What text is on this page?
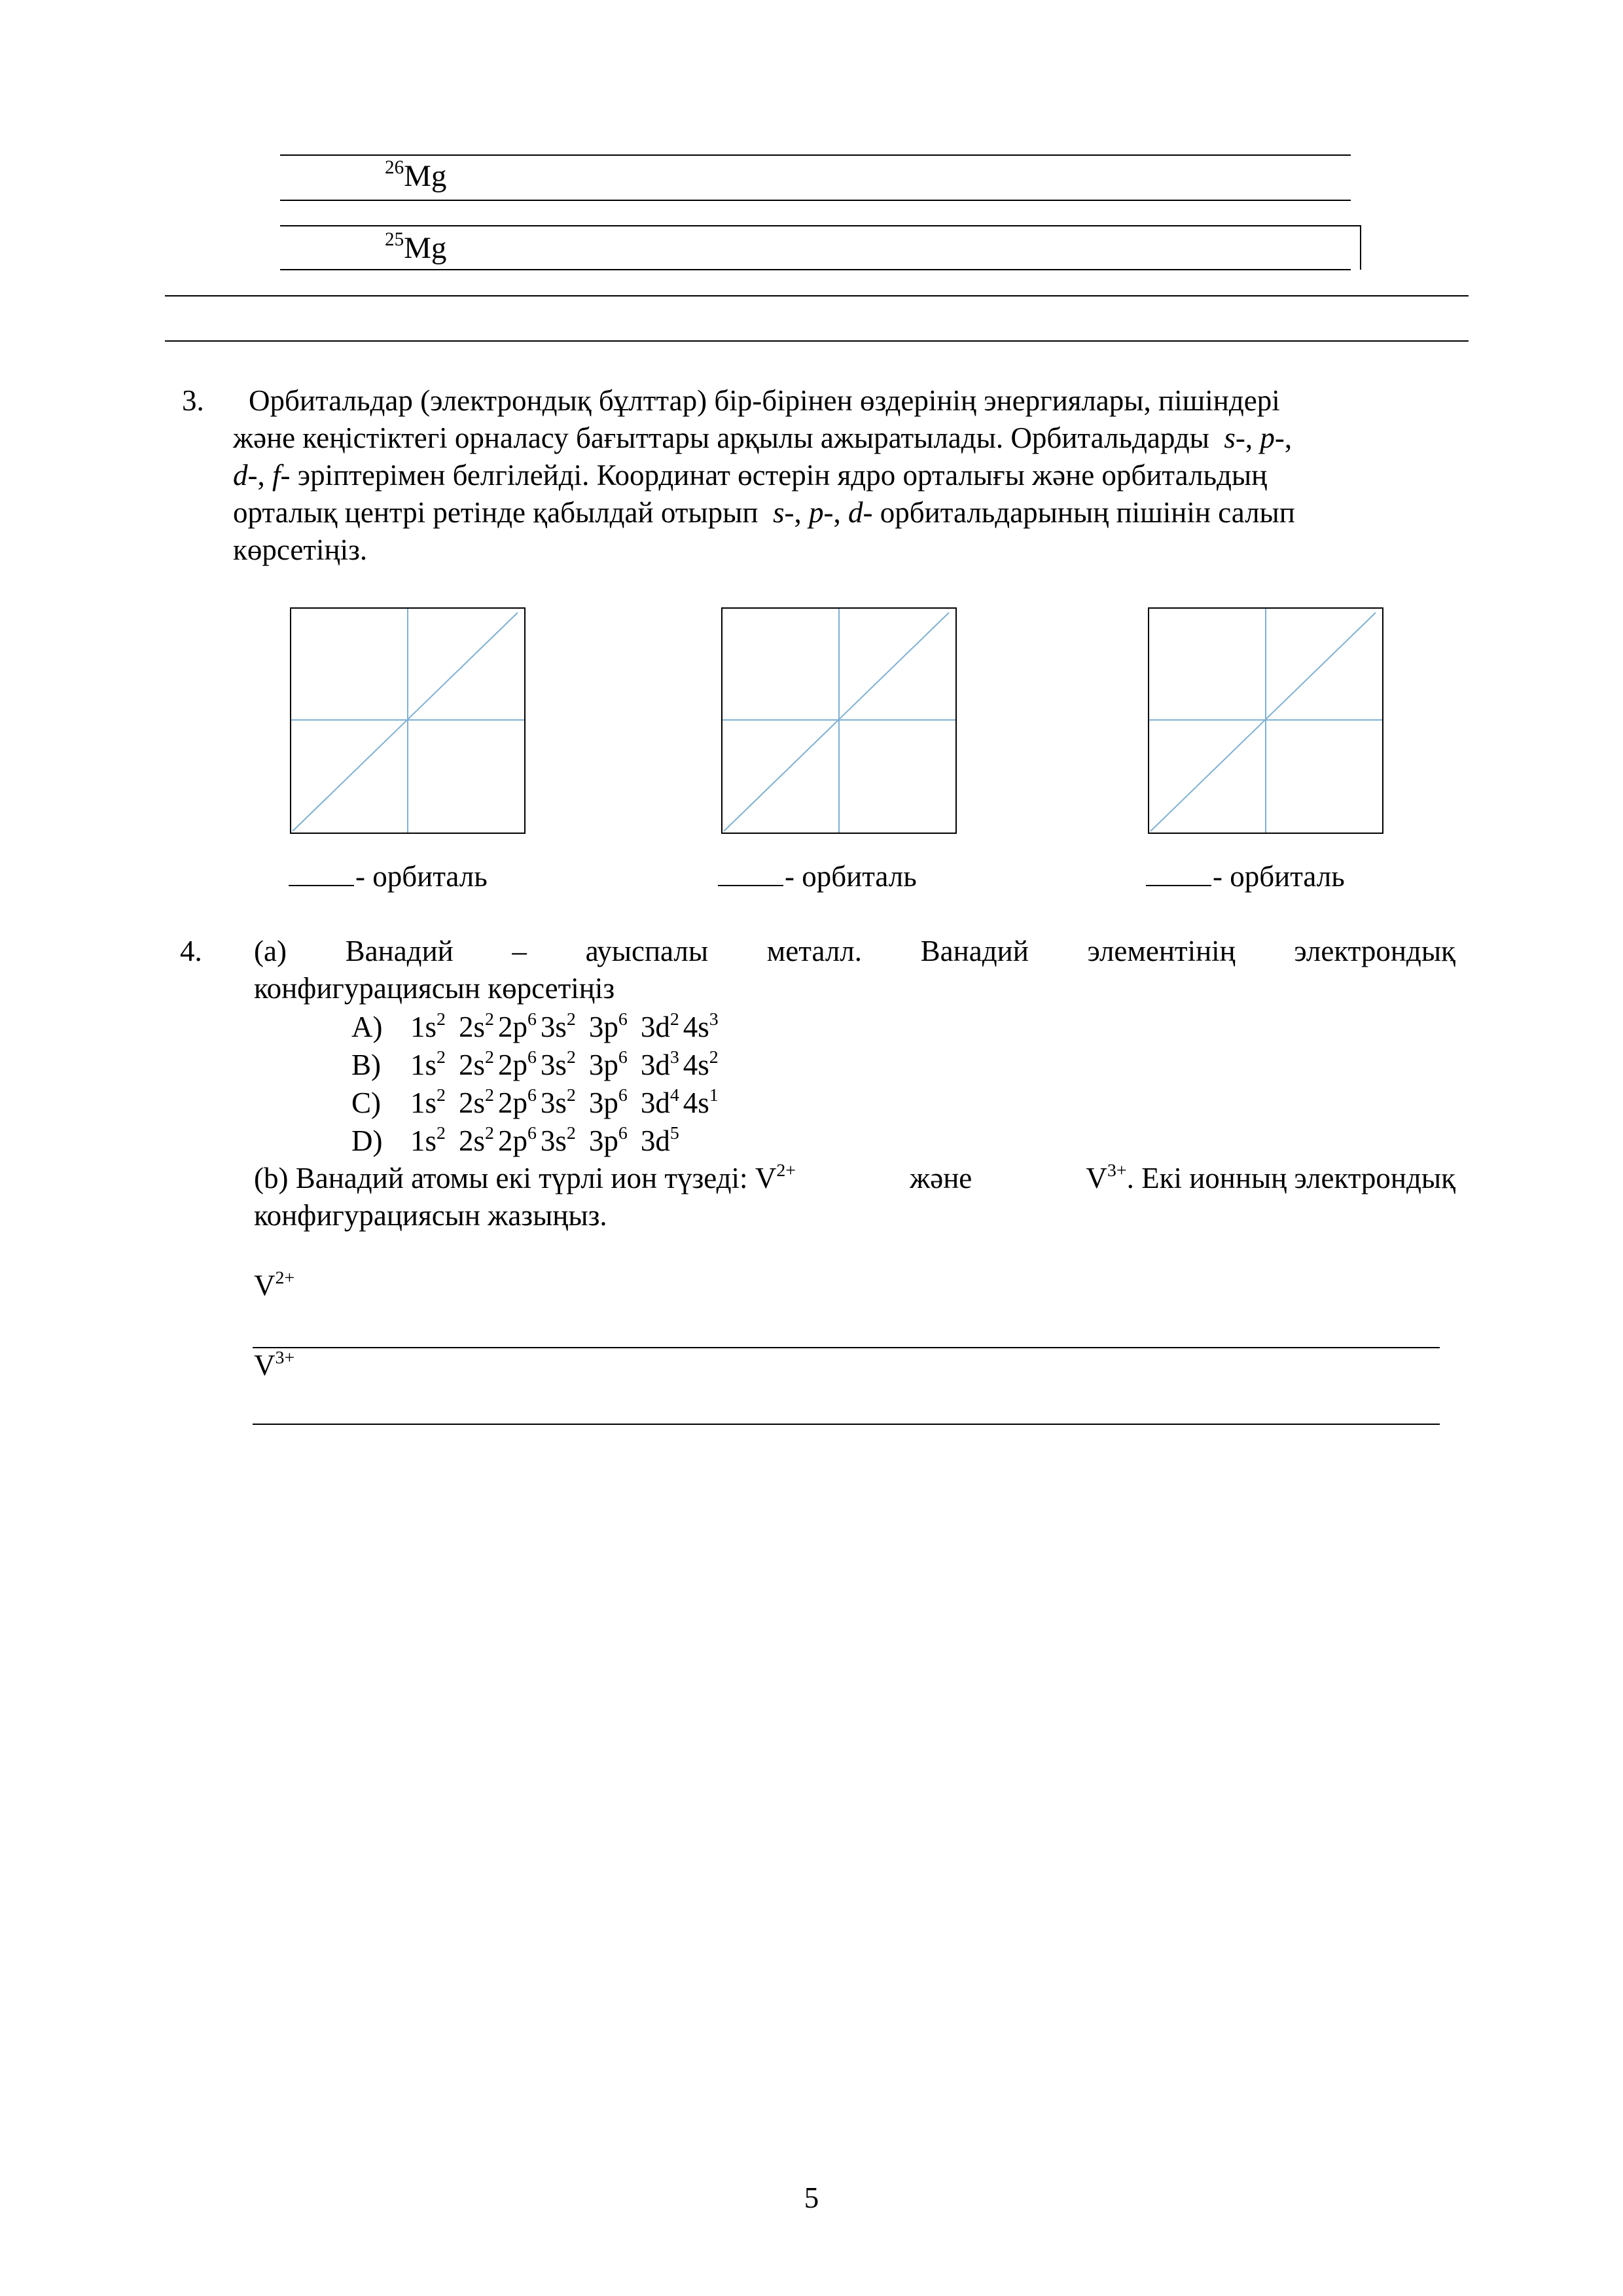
$^{26}$Mg
$^{25}$Mg
3. Орбитальдар (электрондық бұлттар) бір-бірінен өздерінің энергиялары, пішіндері
және кеңістіктегі орналасу бағыттары арқылы ажыратылады. Орбитальдарды s-, p-,
d-, f- эріптерімен белгілейді. Координат өстерін ядро орталығы және орбитальдың
орталық центрі ретінде қабылдай отырып s-, p-, d- орбитальдарының пішінін салып
көрсетіңіз.
- орбиталь	- орбиталь	- орбиталь
4. (a) Ванадий – ауыспалы металл. Ванадий элементінің электрондық
конфигурациясын көрсетіңіз
A) $1s^2$ $2s^2$ $2p^6$ $3s^2$ $3p^6$ $3d^2$ $4s^3$
B) $1s^2$ $2s^2$ $2p^6$ $3s^2$ $3p^6$ $3d^3$ $4s^2$
C) $1s^2$ $2s^2$ $2p^6$ $3s^2$ $3p^6$ $3d^4$ $4s^1$
D) $1s^2$ $2s^2$ $2p^6$ $3s^2$ $3p^6$ $3d^5$
(b) Ванадий атомы екі түрлі ион түзеді: $V^{2+}$	және	$V^{3+}$. Екі ионның электрондық
конфигурациясын жазыңыз.
$V^{2+}$
$V^{3+}$
5
